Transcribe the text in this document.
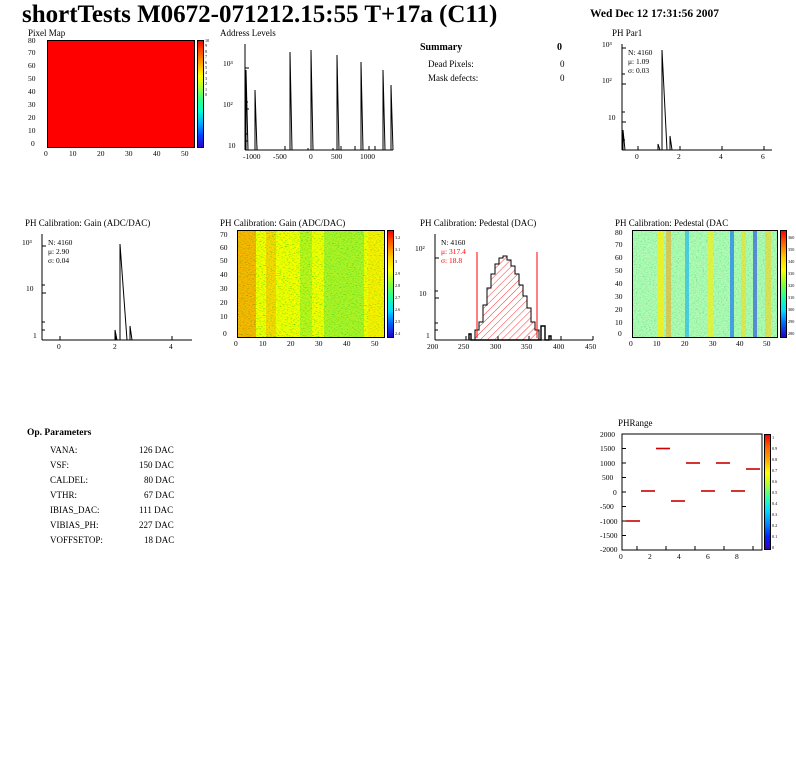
shortTests M0672-071212.15:55 T+17a (C11)	Wed Dec 12 17:31:56 2007
Pixel Map
10
9
8
7
6
5
4
3
2
1
0
80
70
60
50
40
30
20
10
0
0	10	20	30	40	50
Address Levels
10³
10²
10
-1000 -500	0 500 1000
Summary	0
Dead Pixels:	0
Mask defects:	0
PH Par1
N: 4160
μ: 1.09
σ: 0.03
10³
10²
10
0	2	4	6
PH Calibration: Gain (ADC/DAC)
N: 4160
μ: 2.90
σ: 0.04
10³
10
1
0	2	4
PH Calibration: Gain (ADC/DAC)
3.2
3.1
3
2.9
2.8
2.7
2.6
2.5
2.4
70
60
50
40
30
20
10
0
0	10	20	30	40	50
PH Calibration: Pedestal (DAC)
N: 4160
μ: 317.4
σ: 18.8
10²
10
1
200	250	300	350	400	450
PH Calibration: Pedestal (DAC
360
350
340
330
320
310
300
290
280
80
70
60
50
40
30
20
10
0
0	10	20	30	40	50
Op. Parameters
VANA:	126 DAC
VSF:	150 DAC
CALDEL:	80 DAC
VTHR:	67 DAC
IBIAS_DAC:	111 DAC
VIBIAS_PH:	227 DAC
VOFFSETOP:	18 DAC
PHRange
1
0.9
0.8
0.7
0.6
0.5
0.4
0.3
0.2
0.1
0
2000
1500
1000
500
0
-500
-1000
-1500
-2000
0	2	4	6	8
